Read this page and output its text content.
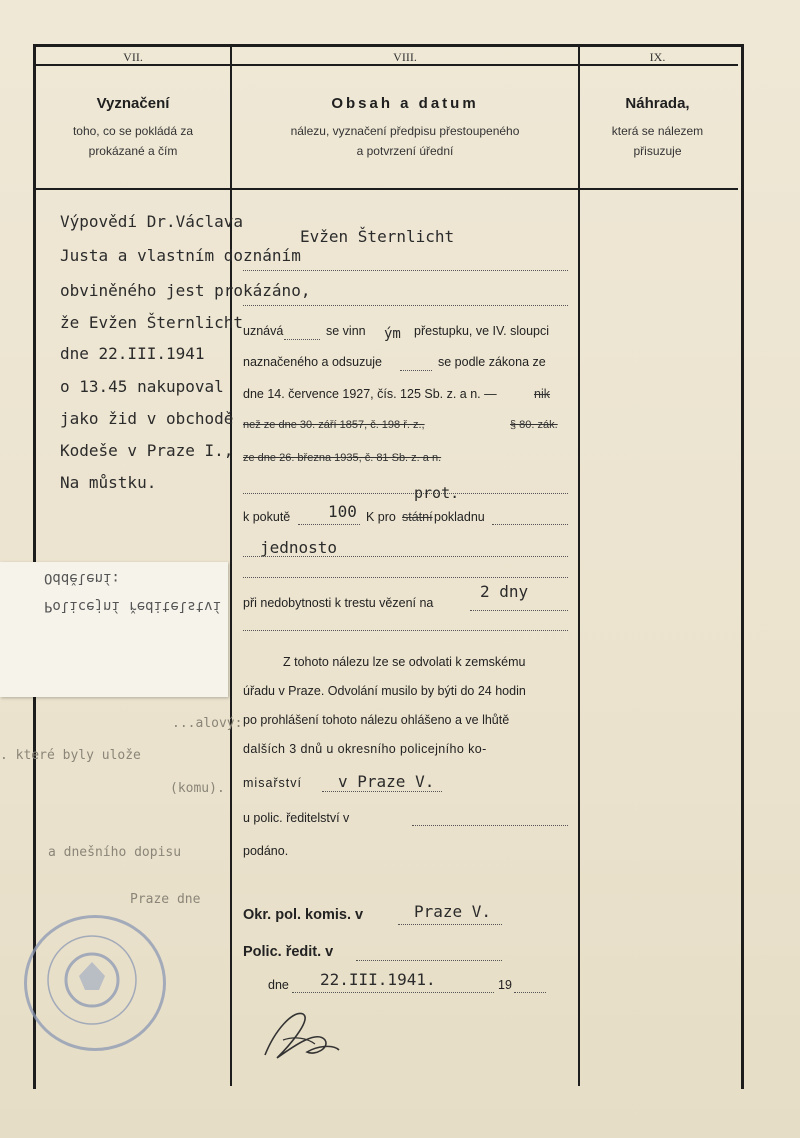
VII.	VIII.	IX.
Vyznačení
toho, co se pokládá za
prokázané a čím
Obsah a datum
nálezu, vyznačení předpisu přestoupeného
a potvrzení úřední
Náhrada,
která se nálezem
přisuzuje
Výpovědí Dr.Václava
Justa a vlastním doznáním
obviněného jest prokázáno,
že Evžen Šternlicht
dne 22.III.1941
o 13.45 nakupoval
jako žid v obchodě
Kodeše v Praze I.,
Na můstku.
Evžen Šternlicht
uznává	se vinn ým přestupku, ve IV. sloupci
naznačeného a odsuzuje	se podle zákona ze
dne 14. července 1927, čís. 125 Sb. z. a n. —	nik
než ze dne 30. září 1857, č. 198 ř. z.,	§ 80. zák.
ze dne 26. března 1935, č. 81 Sb. z. a n.
prot.
k pokutě 100 K pro státní pokladnu
jednosto
při nedobytnosti k trestu vězení na
2 dny
Z tohoto nálezu lze se odvolati k zemskému
úřadu v Praze. Odvolání musilo by býti do 24 hodin
po prohlášení tohoto nálezu ohlášeno a ve lhůtě
dalších 3 dnů u okresního policejního ko-
misařství v Praze V.
u polic. ředitelství v
podáno.
Okr. pol. komis. v	Praze V.
Polic. ředit. v
dne 22.III.1941.	19
...alový:
. které byly ulože
(komu).
a dnešního dopisu
Praze dne
Oddělení:
Policejní ředitelství
